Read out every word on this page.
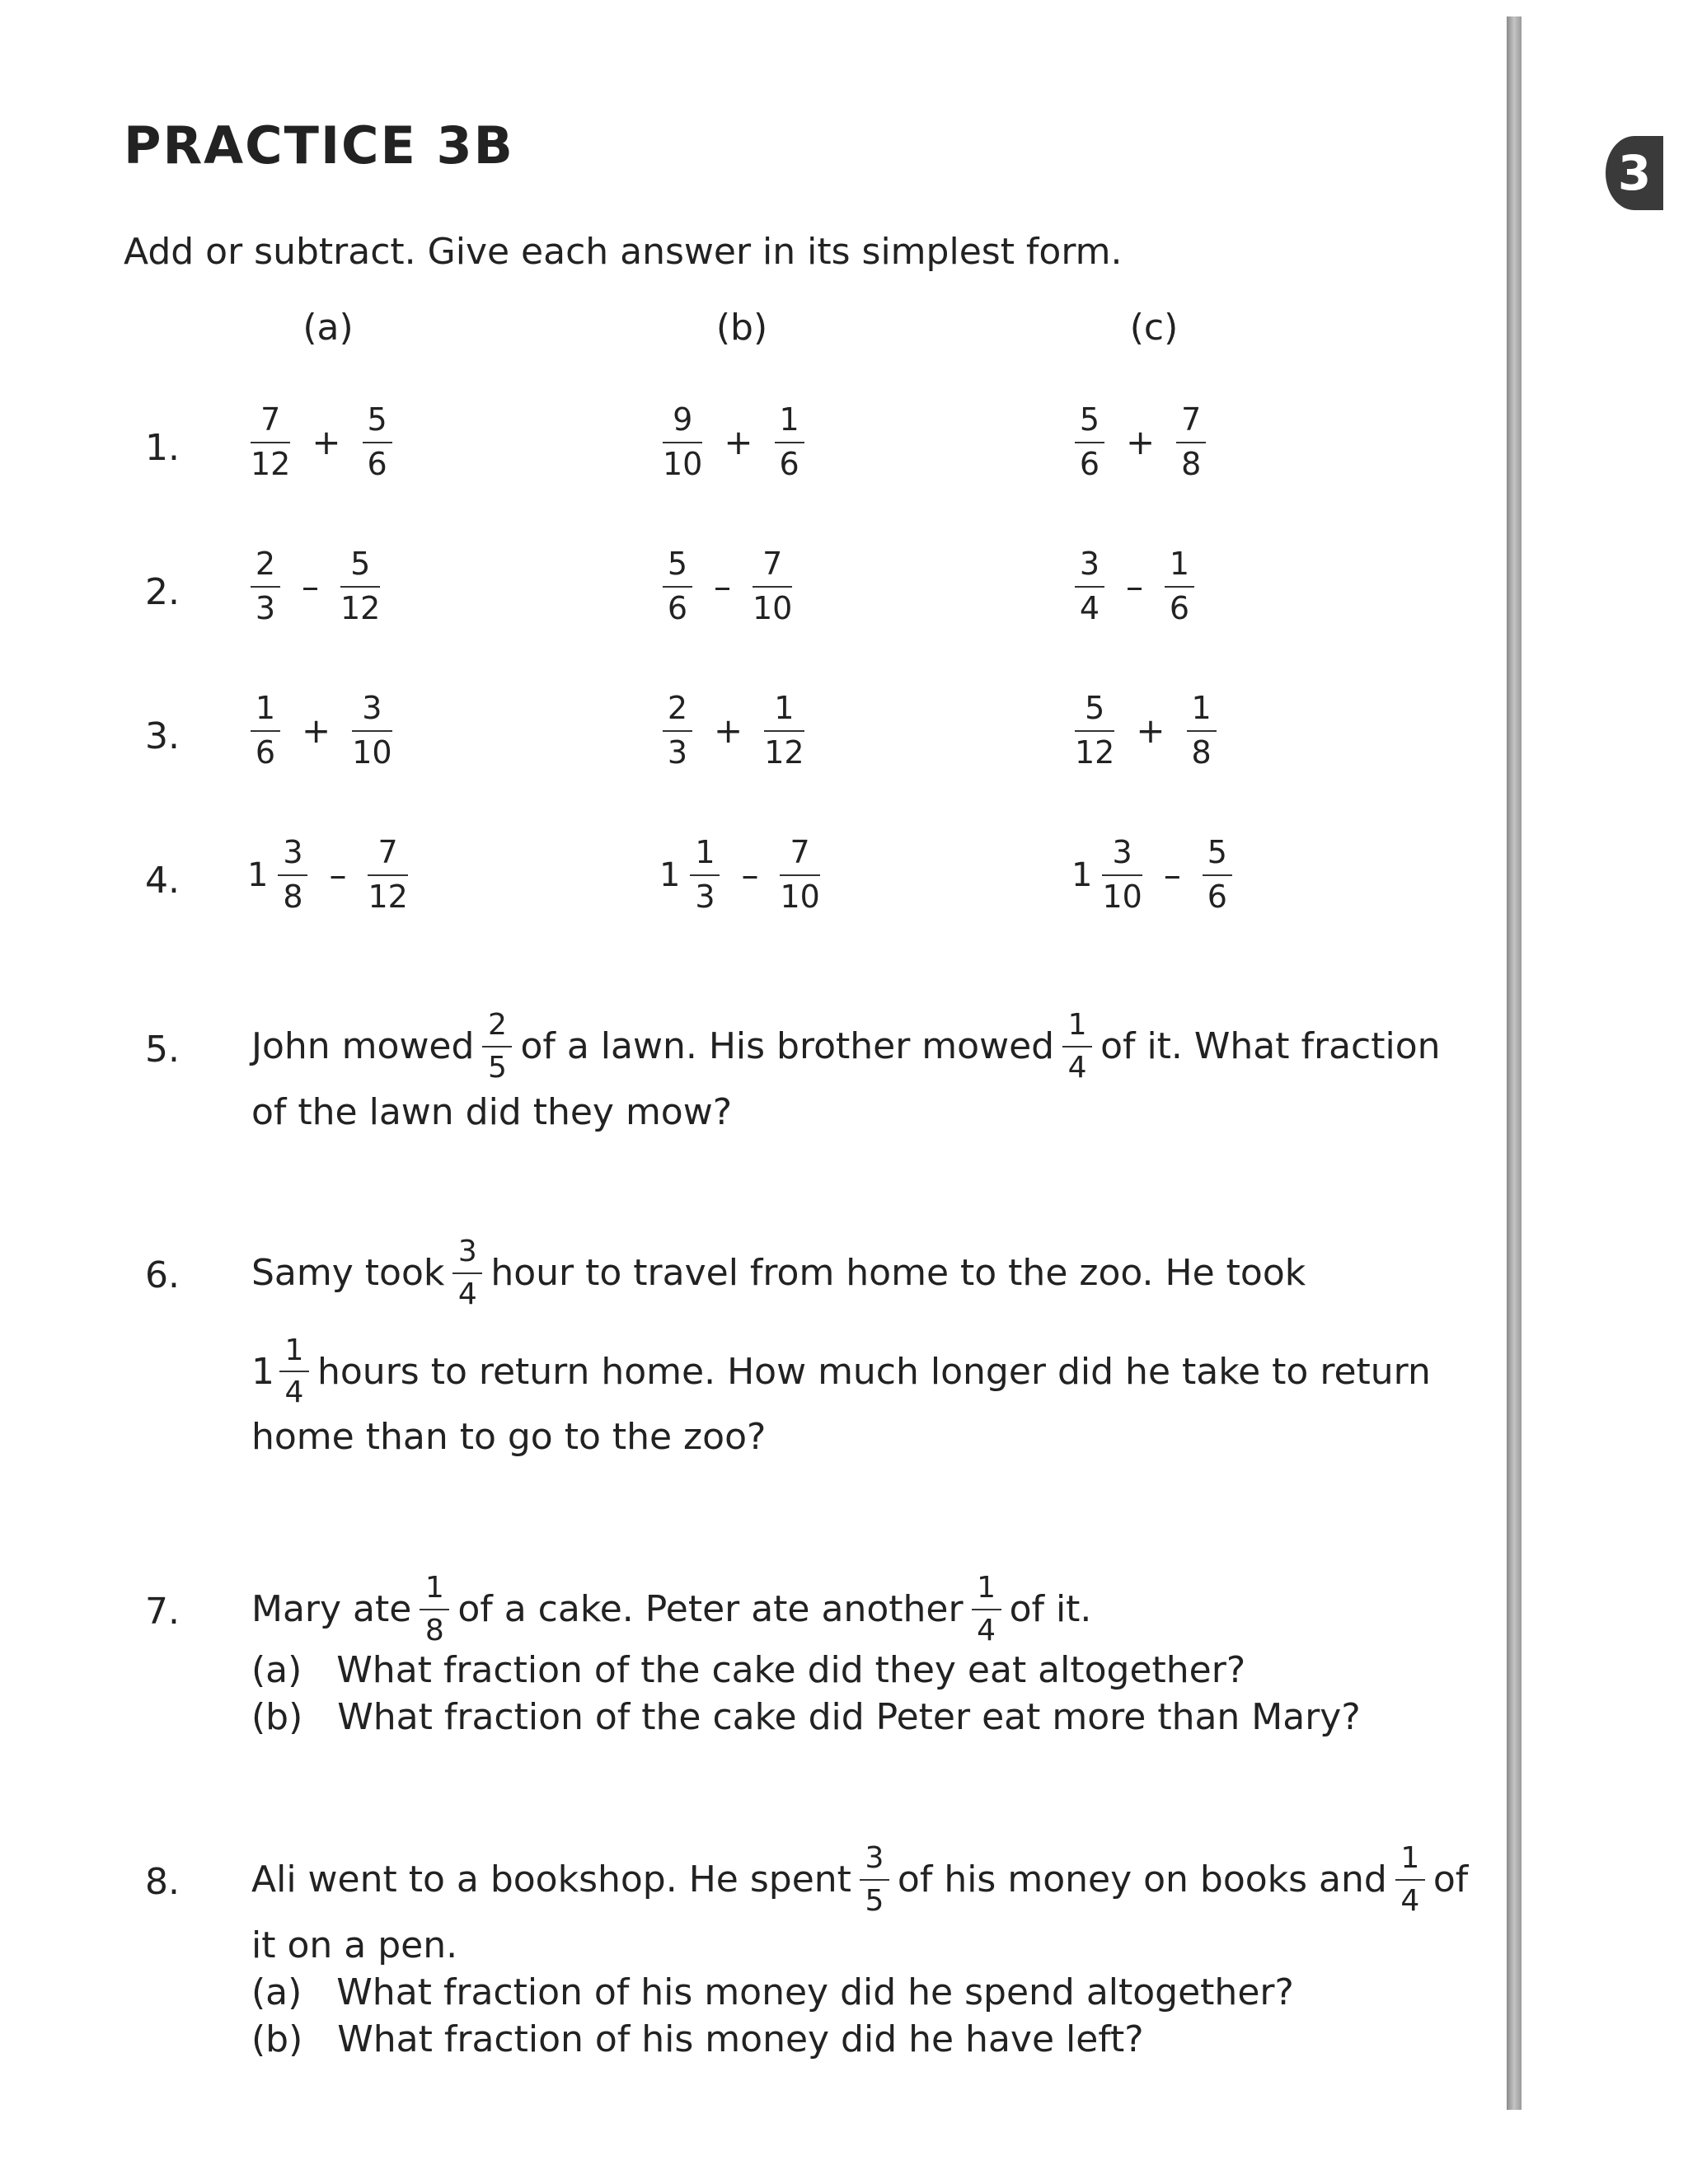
3
PRACTICE 3B
Add or subtract. Give each answer in its simplest form.
(a)	(b)	(c)
1. $\frac{7}{12} + \frac{5}{6}$	$\frac{9}{10} + \frac{1}{6}$	$\frac{5}{6} + \frac{7}{8}$
2. $\frac{2}{3} - \frac{5}{12}$	$\frac{5}{6} - \frac{7}{10}$	$\frac{3}{4} - \frac{1}{6}$
3. $\frac{1}{6} + \frac{3}{10}$	$\frac{2}{3} + \frac{1}{12}$	$\frac{5}{12} + \frac{1}{8}$
4. $1 \frac{3}{8} - \frac{7}{12}$	$1 \frac{1}{3} - \frac{7}{10}$	$1 \frac{3}{10} - \frac{5}{6}$
5. John mowed $\frac{2}{5}$ of a lawn. His brother mowed $\frac{1}{4}$ of it. What fraction
of the lawn did they mow?
6. Samy took $\frac{3}{4}$ hour to travel from home to the zoo. He took
$1 \frac{1}{4}$ hours to return home. How much longer did he take to return
home than to go to the zoo?
7. Mary ate $\frac{1}{8}$ of a cake. Peter ate another $\frac{1}{4}$ of it.
(a) What fraction of the cake did they eat altogether?
(b) What fraction of the cake did Peter eat more than Mary?
8. Ali went to a bookshop. He spent $\frac{3}{5}$ of his money on books and $\frac{1}{4}$ of
it on a pen.
(a) What fraction of his money did he spend altogether?
(b) What fraction of his money did he have left?
